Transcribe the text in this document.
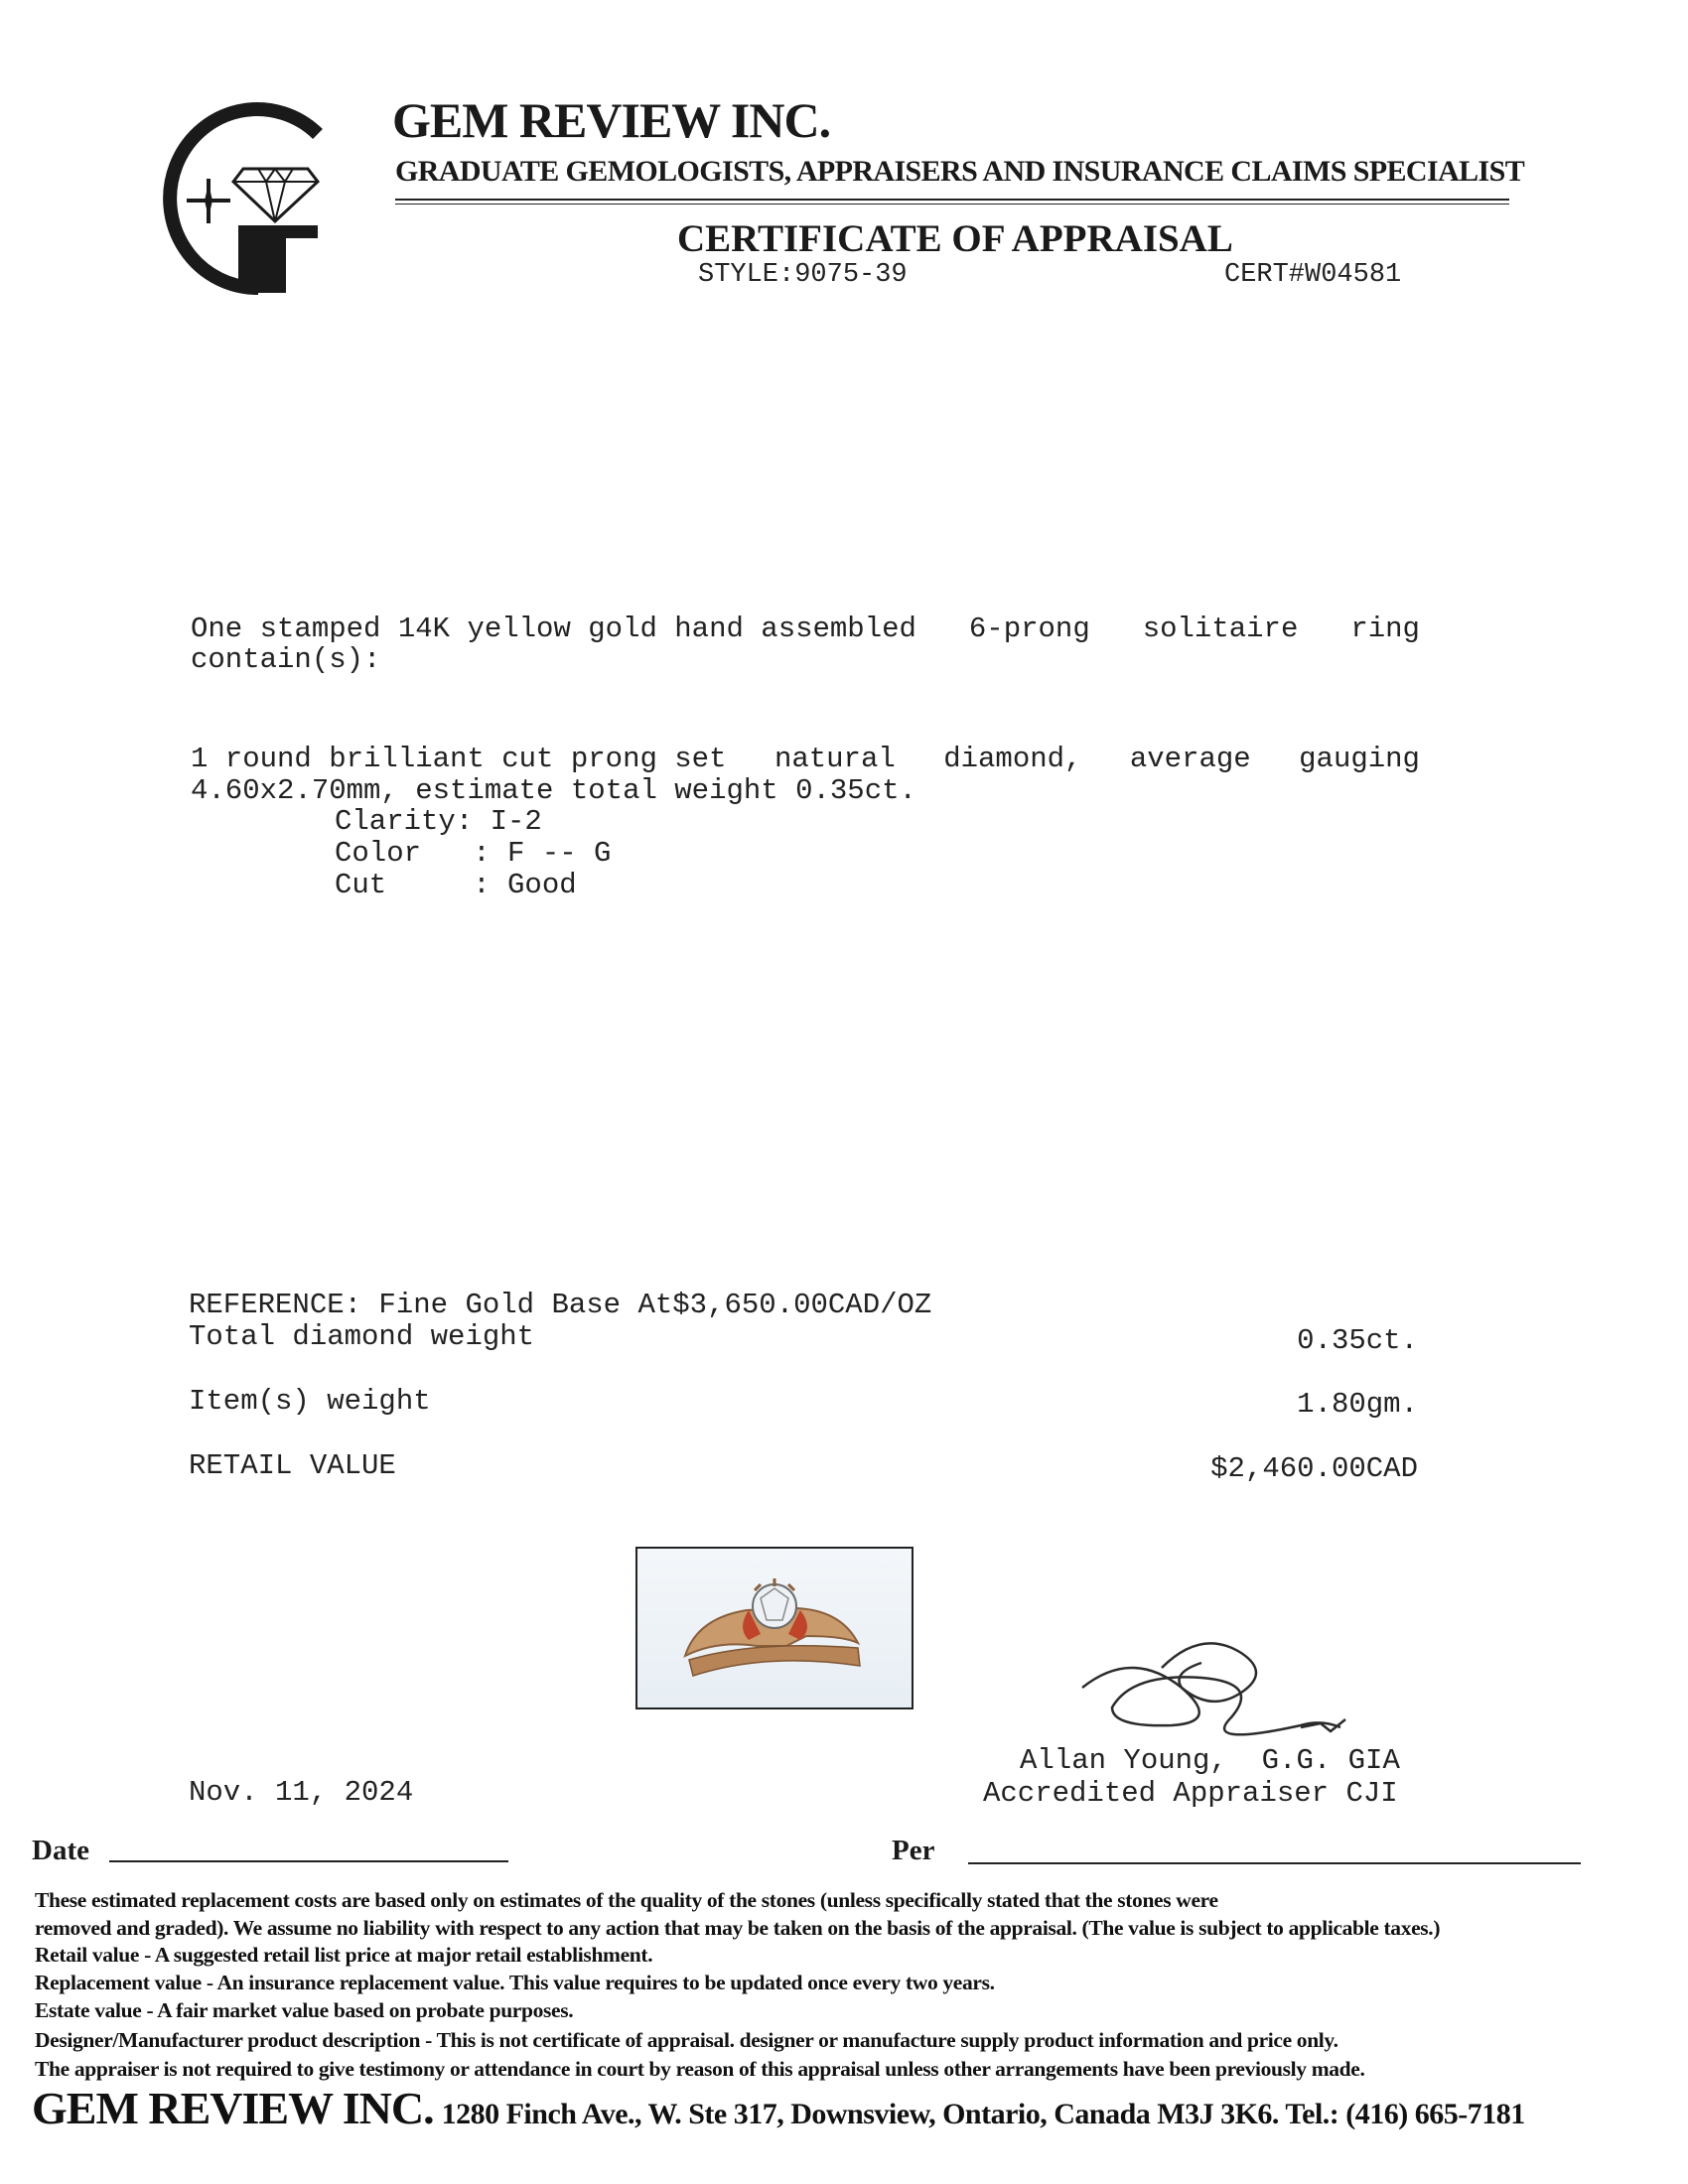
GEM REVIEW INC.
GRADUATE GEMOLOGISTS, APPRAISERS AND INSURANCE CLAIMS SPECIALIST
CERTIFICATE OF APPRAISAL
STYLE:9075-39	CERT#W04581
One stamped 14K yellow gold hand assembled 6-prong solitaire ring
contain(s):
1 round brilliant cut prong set natural diamond, average gauging
4.60x2.70mm, estimate total weight 0.35ct.
Clarity: I-2
Color   : F -- G
Cut     : Good
REFERENCE: Fine Gold Base At$3,650.00CAD/OZ
Total diamond weight	0.35ct.
Item(s) weight	1.80gm.
RETAIL VALUE	$2,460.00CAD
Allan Young,  G.G. GIA
Accredited Appraiser CJI
Nov. 11, 2024
Date	Per
These estimated replacement costs are based only on estimates of the quality of the stones (unless specifically stated that the stones were
removed and graded). We assume no liability with respect to any action that may be taken on the basis of the appraisal. (The value is subject to applicable taxes.)
Retail value - A suggested retail list price at major retail establishment.
Replacement value - An insurance replacement value. This value requires to be updated once every two years.
Estate value - A fair market value based on probate purposes.
Designer/Manufacturer product description - This is not certificate of appraisal. designer or manufacture supply product information and price only.
The appraiser is not required to give testimony or attendance in court by reason of this appraisal unless other arrangements have been previously made.
GEM REVIEW INC. 1280 Finch Ave., W. Ste 317, Downsview, Ontario, Canada M3J 3K6. Tel.: (416) 665-7181
